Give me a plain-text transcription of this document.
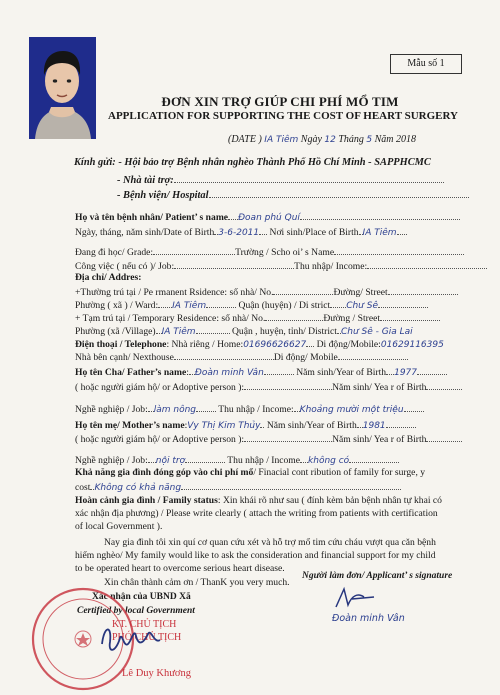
Mẫu số 1
ĐƠN XIN TRỢ GIÚP CHI PHÍ MỔ TIM
APPLICATION FOR SUPPORTING THE COST OF HEART SURGERY
(DATE ) IA Tiêm Ngày 12 Tháng 5 Năm 2018
Kính gửi: - Hội bảo trợ Bệnh nhân nghèo Thành Phố Hồ Chí Minh - SAPPHCMC
- Nhà tài trợ:
- Bệnh viện/ Hospital
Họ và tên bệnh nhân/ Patient’ s name Đoan phú Quí
Ngày, tháng, năm sinh/Date of Birth 3-6-2011 Nơi sinh/Place of Birth IA Tiêm
Đang đi học/ Grade:	Trường / Scho oi’ s Name
Công việc ( nếu có )/ Job:	Thu nhập/ Income:
Địa chỉ/ Addres:
+Thường trú tại / Pe rmanent Rsidence: số nhà/ No.	Đường/ Street
Phường ( xã ) / Ward: IA Tiêm	Quận (huyện) / Di strict Chư Sê
+ Tạm trú tại / Temporary Residence: số nhà/ No.	Đường / Street
Phường (xã /Village) IA Tiêm	Quận , huyện, tỉnh/ District Chư Sê - Gia Lai
Điện thoại / Telephone: Nhà riêng / Home:01696626627 Di động/Mobile:01629116395
Nhà bên cạnh/ Nexthouse	Di động/ Mobile
Họ tên Cha/ Father’s name: Đoàn minh Vân	Năm sinh/Year of Birth 1977
( hoặc người giám hộ/ or Adoptive person ):	Năm sinh/ Yea r of Birth
Nghề nghiệp / Job: làm nông Thu nhập / Income: Khoảng mười một triệu
Họ tên mẹ/ Mother’s name:Vy Thị Kim Thủy Năm sinh/Year of Birth 1981
( hoặc người giám hộ/ or Adoptive person ):	Năm sinh/ Yea r of Birth
Nghề nghiệp / Job: nội trợ	Thu nhập / Income không có
Khả năng gia đình đóng góp vào chi phí mổ/ Finacial cont ribution of family for surge, y
cost Không có khả năng
Hoàn cảnh gia đình / Family status: Xin khái rõ như sau ( đính kèm bản bệnh nhân tự khai có
xác nhận địa phương) / Please write clearly ( attach the writing from patients with certification
of local Government ).
Nay gia đình tôi xin quí cơ quan cứu xét và hỗ trợ mổ tim cứu cháu vượt qua căn bệnh
hiểm nghèo/ My family would like to ask the consideration and financial support for my child
to be operated heart to overcome serious heart disease.
Xin chân thành cảm ơn / ThanK you very much.
Xác nhận của UBND Xã
Certified by local Government
KT. CHỦ TỊCH
PHÓ CHỦ TỊCH
Lê Duy Khương
Người làm đơn/ Applicant’ s signature
Đoàn minh Vân
